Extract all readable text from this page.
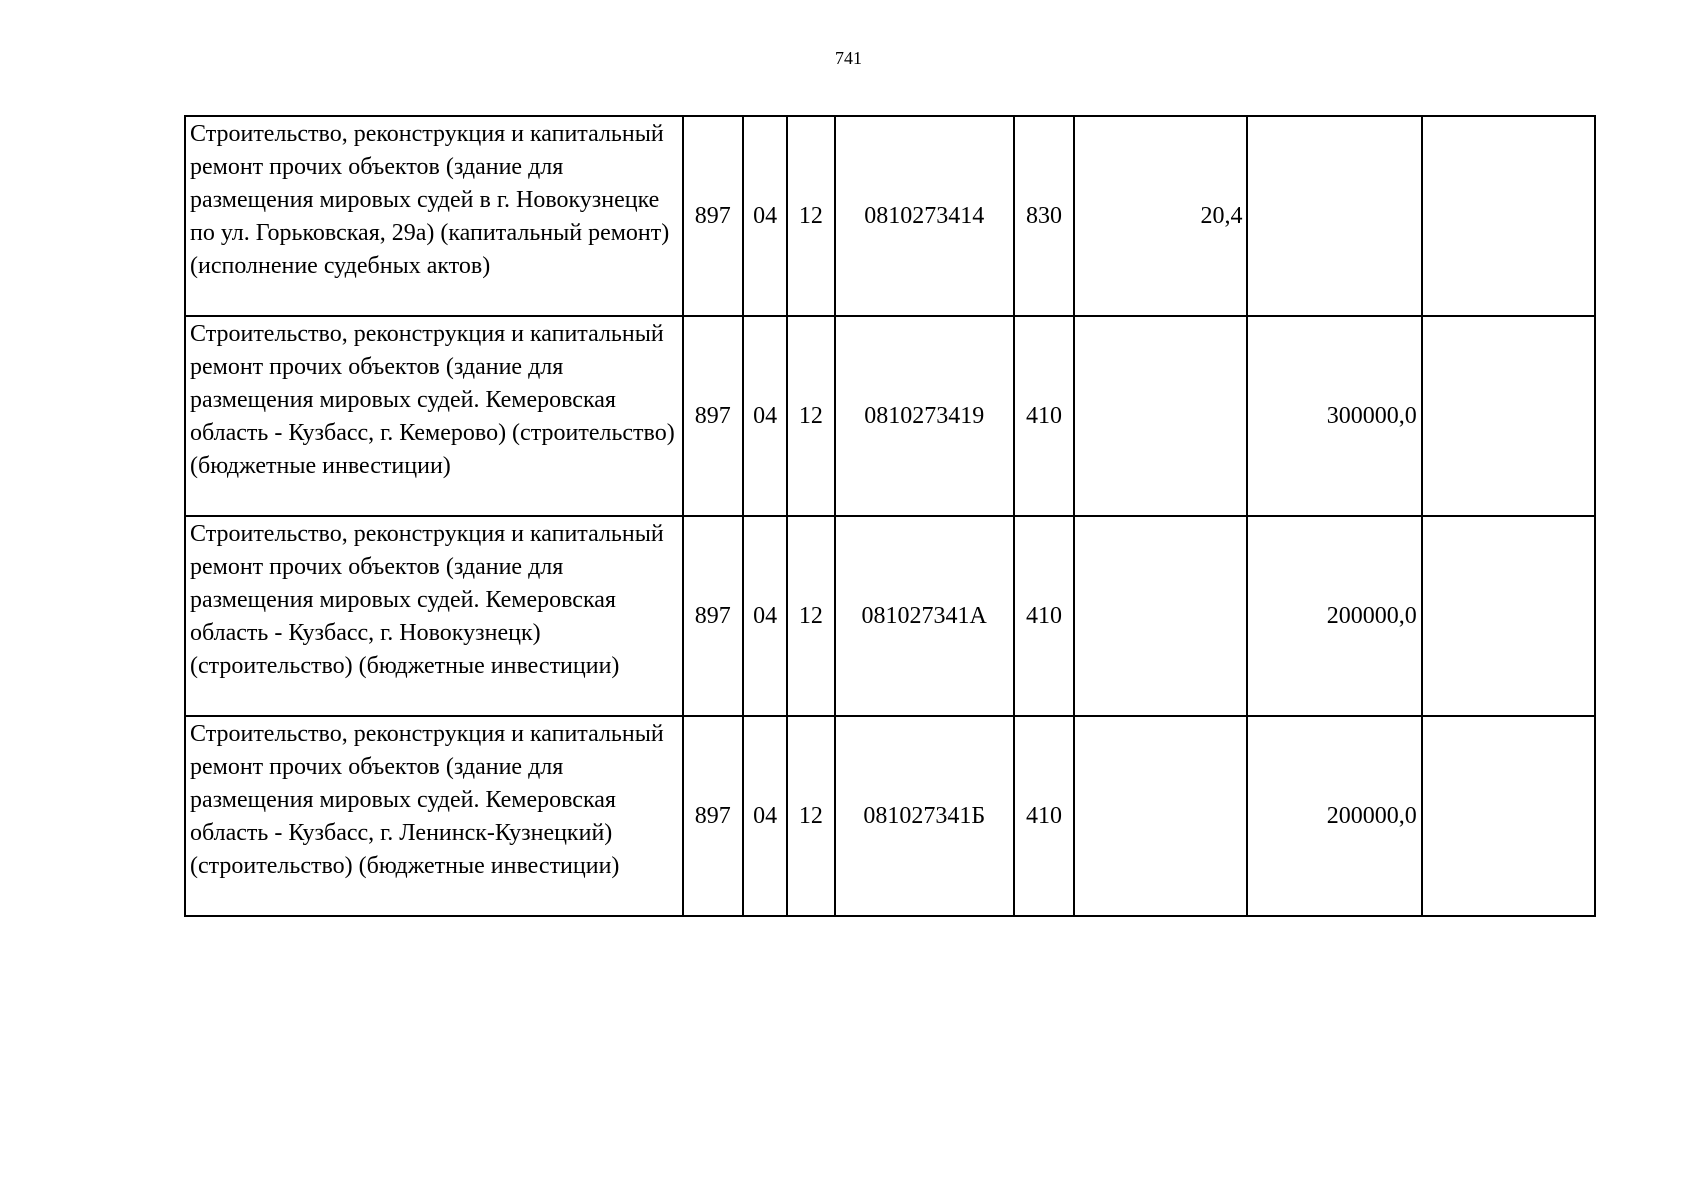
741
Строительство, реконструкция и капитальный ремонт прочих объектов (здание для размещения мировых судей в г. Новокузнецке по ул. Горьковская, 29а) (капитальный ремонт) (исполнение судебных актов)	897	04	12	0810273414	830	20,4		
Строительство, реконструкция и капитальный ремонт прочих объектов (здание для размещения мировых судей. Кемеровская область - Кузбасс, г. Кемерово) (строительство) (бюджетные инвестиции)	897	04	12	0810273419	410		300000,0	
Строительство, реконструкция и капитальный ремонт прочих объектов (здание для размещения мировых судей. Кемеровская область - Кузбасс, г. Новокузнецк) (строительство) (бюджетные инвестиции)	897	04	12	081027341А	410		200000,0	
Строительство, реконструкция и капитальный ремонт прочих объектов (здание для размещения мировых судей. Кемеровская область - Кузбасс, г. Ленинск-Кузнецкий) (строительство) (бюджетные инвестиции)	897	04	12	081027341Б	410		200000,0	
